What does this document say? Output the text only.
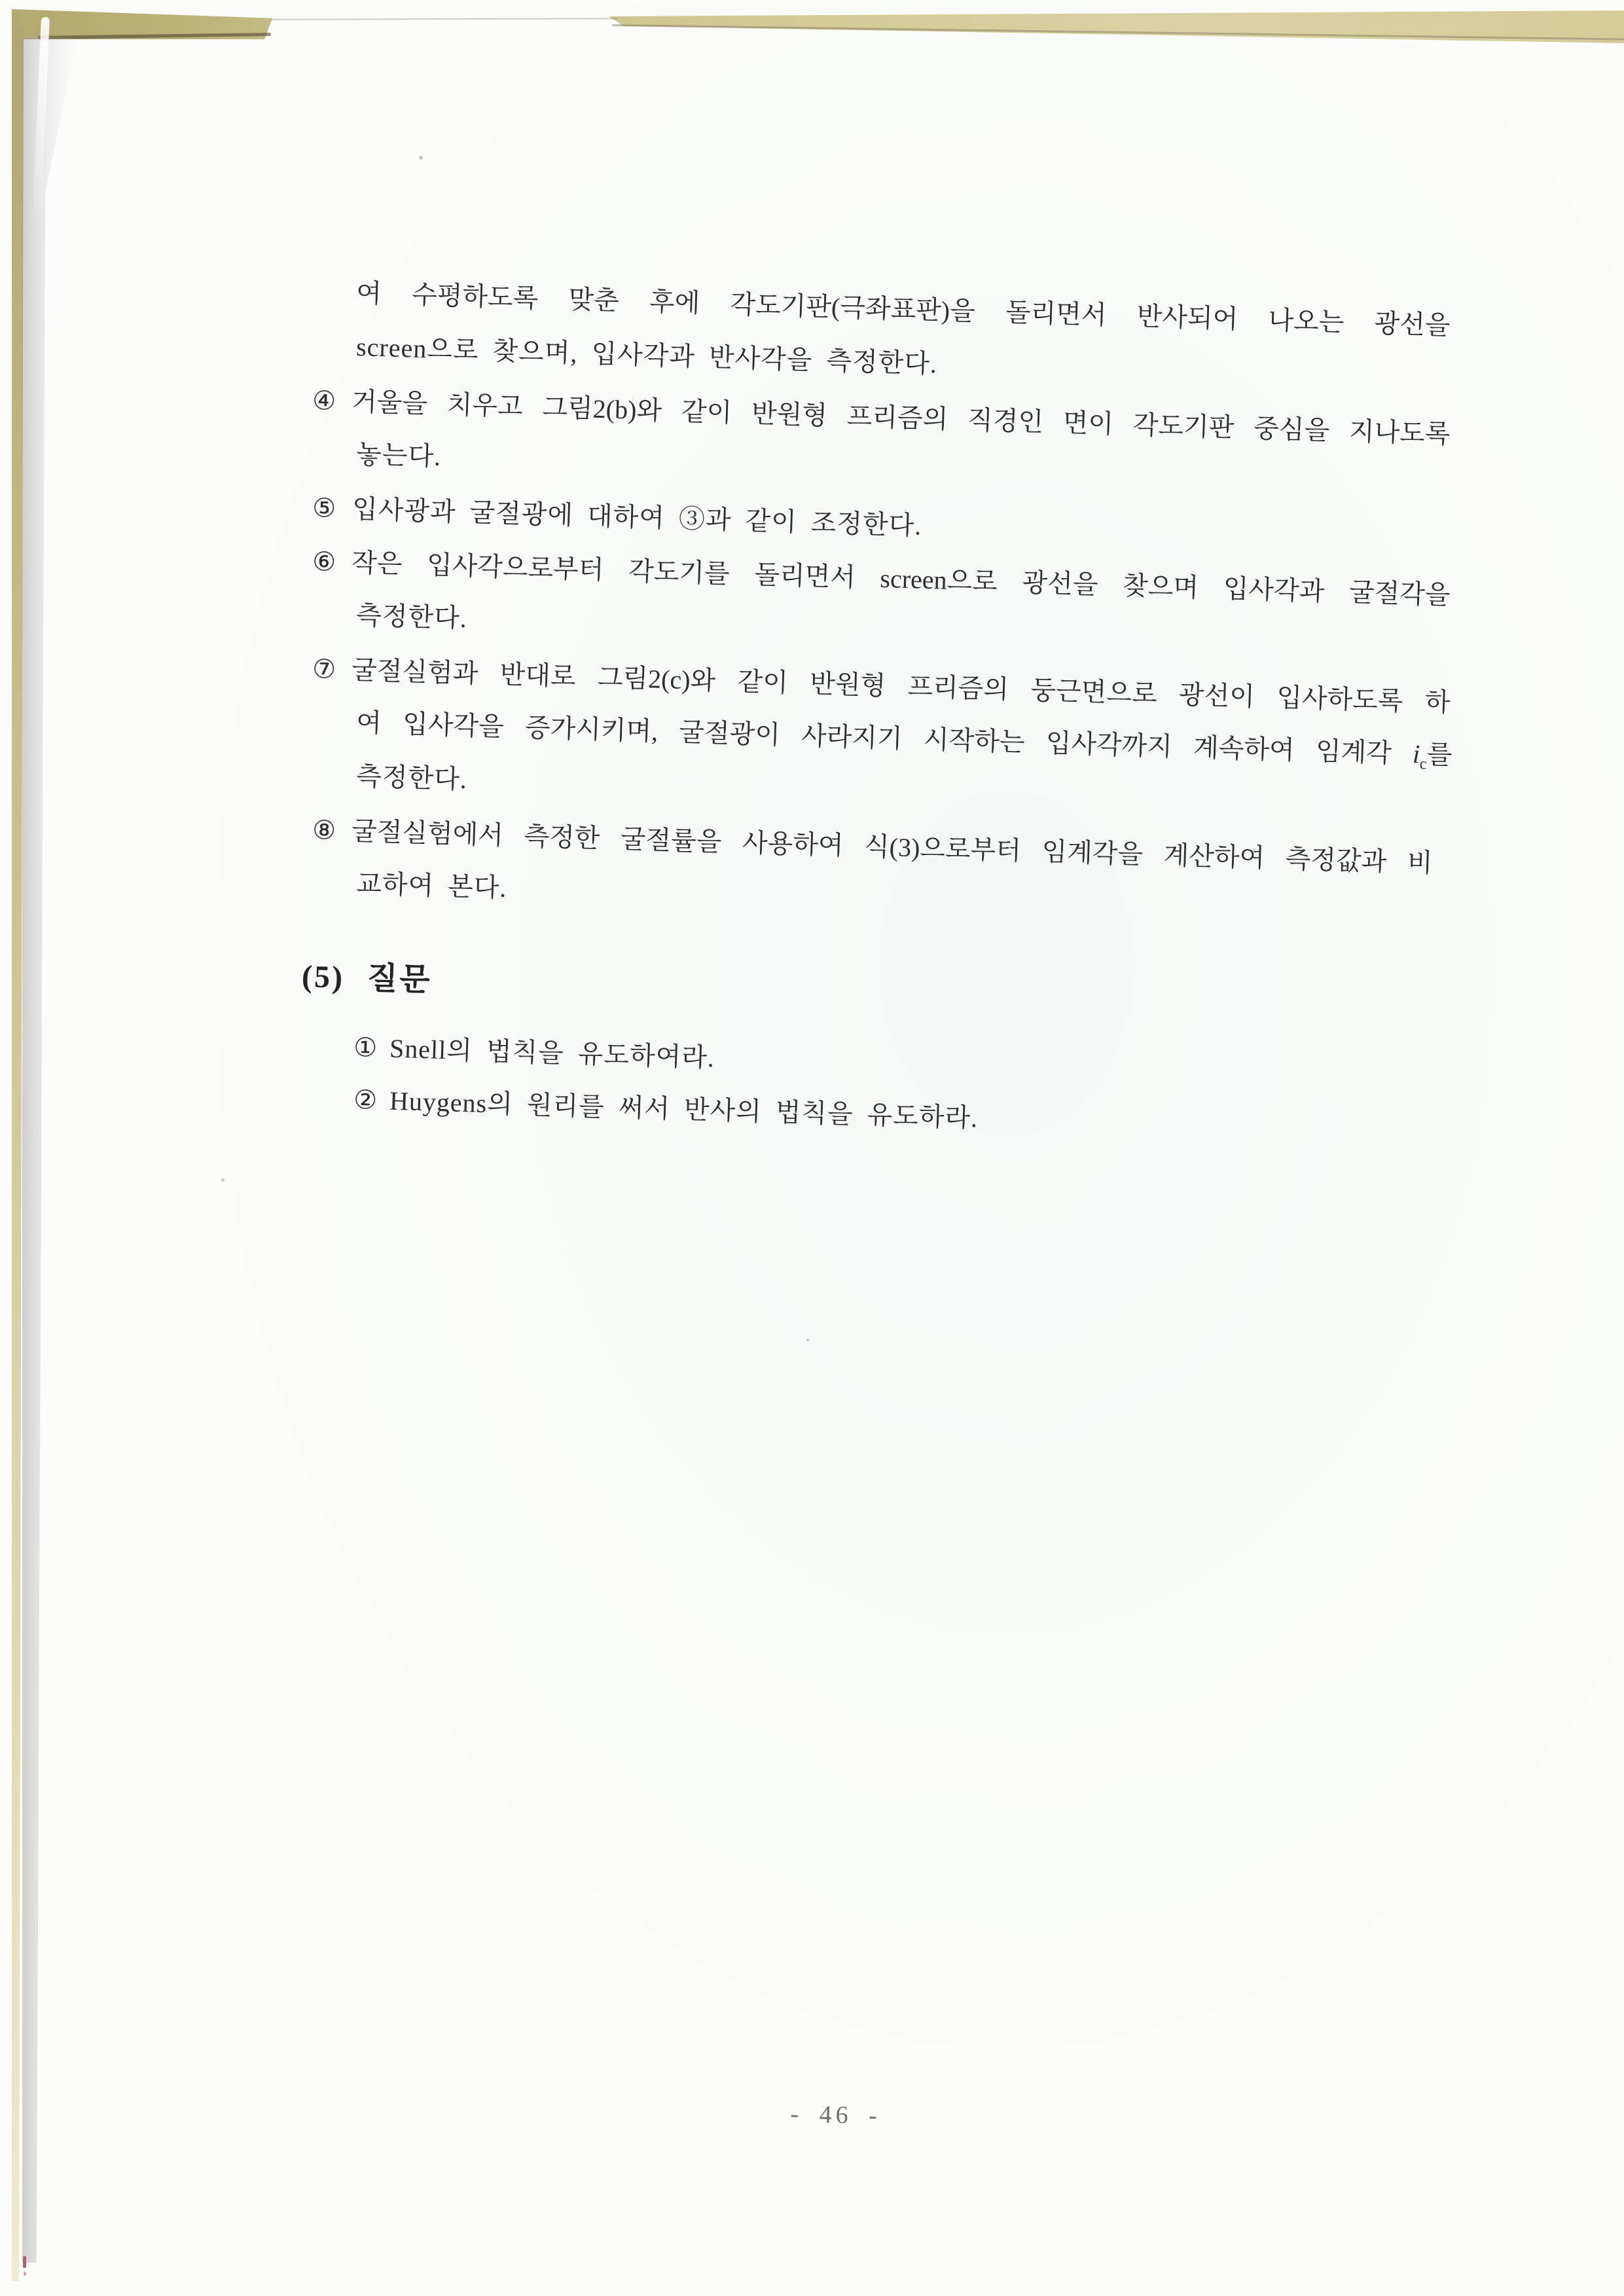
여 수평하도록 맞춘 후에 각도기판(극좌표판)을 돌리면서 반사되어 나오는 광선을
screen으로 찾으며, 입사각과 반사각을 측정한다.
④ 거울을 치우고 그림2(b)와 같이 반원형 프리즘의 직경인 면이 각도기판 중심을 지나도록
놓는다.
⑤ 입사광과 굴절광에 대하여 ③과 같이 조정한다.
⑥ 작은 입사각으로부터 각도기를 돌리면서 screen으로 광선을 찾으며 입사각과 굴절각을
측정한다.
⑦ 굴절실험과 반대로 그림2(c)와 같이 반원형 프리즘의 둥근면으로 광선이 입사하도록 하
여 입사각을 증가시키며, 굴절광이 사라지기 시작하는 입사각까지 계속하여 임계각 $i_c$를
측정한다.
⑧ 굴절실험에서 측정한 굴절률을 사용하여 식(3)으로부터 임계각을 계산하여 측정값과 비
교하여 본다.
(5) 질문
① Snell의 법칙을 유도하여라.
② Huygens의 원리를 써서 반사의 법칙을 유도하라.
- 46 -
